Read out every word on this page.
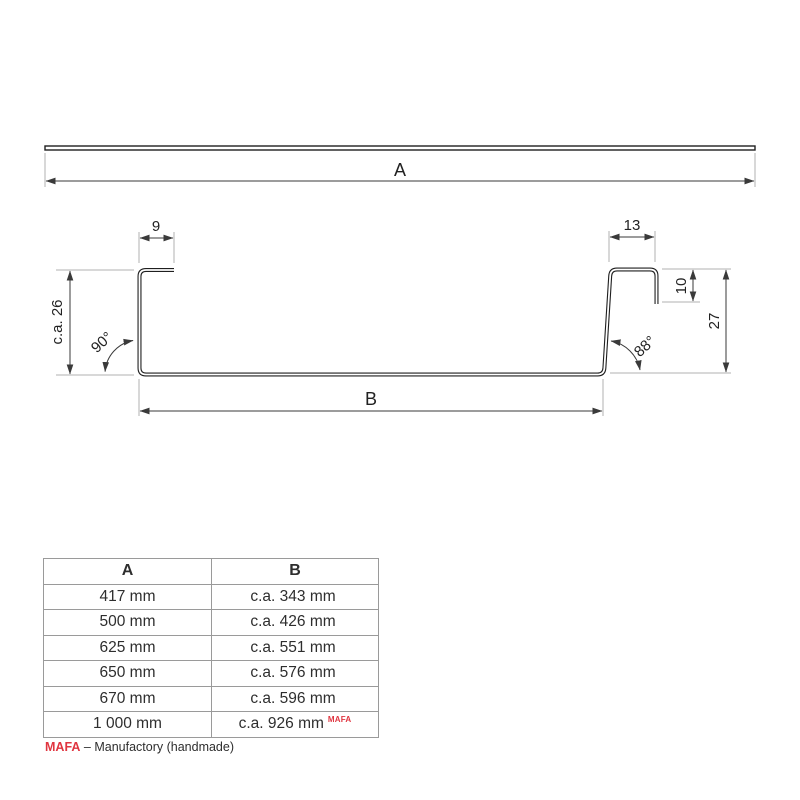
A
9	13
c.a. 26
10
27
90°	88°
B
A	B
417 mm	c.a. 343 mm
500 mm	c.a. 426 mm
625 mm	c.a. 551 mm
650 mm	c.a. 576 mm
670 mm	c.a. 596 mm
1 000 mm	c.a. 926 mm $^{MAFA}$
MAFA – Manufactory (handmade)
